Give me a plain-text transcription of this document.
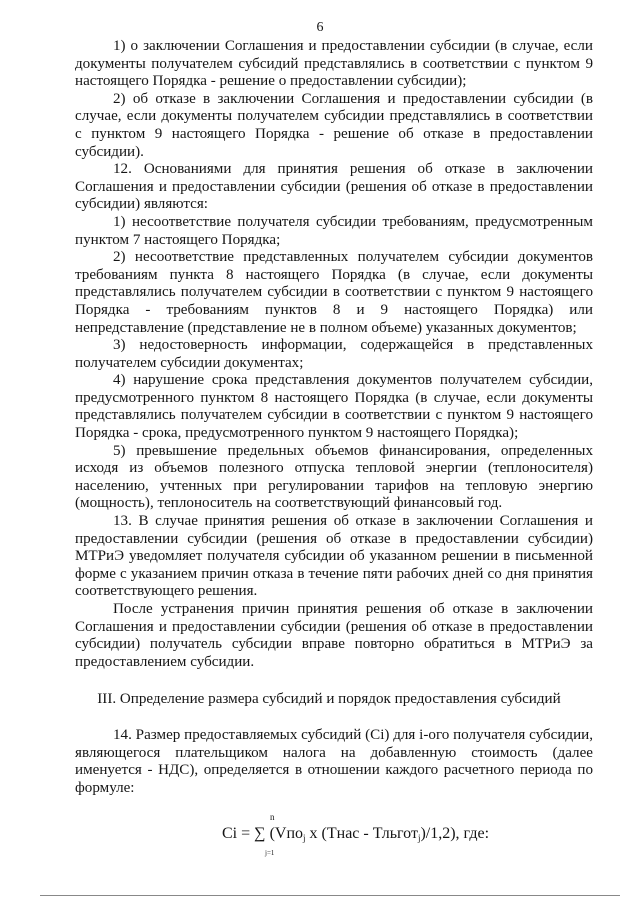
6

1) о заключении Соглашения и предоставлении субсидии (в случае, если документы получателем субсидий представлялись в соответствии с пунктом 9 настоящего Порядка - решение о предоставлении субсидии);

2) об отказе в заключении Соглашения и предоставлении субсидии (в случае, если документы получателем субсидии представлялись в соответствии с пунктом 9 настоящего Порядка - решение об отказе в предоставлении субсидии).

12. Основаниями для принятия решения об отказе в заключении Соглашения и предоставлении субсидии (решения об отказе в предоставлении субсидии) являются:

1) несоответствие получателя субсидии требованиям, предусмотренным пунктом 7 настоящего Порядка;

2) несоответствие представленных получателем субсидии документов требованиям пункта 8 настоящего Порядка (в случае, если документы представлялись получателем субсидии в соответствии с пунктом 9 настоящего Порядка - требованиям пунктов 8 и 9 настоящего Порядка) или непредставление (представление не в полном объеме) указанных документов;

3) недостоверность информации, содержащейся в представленных получателем субсидии документах;

4) нарушение срока представления документов получателем субсидии, предусмотренного пунктом 8 настоящего Порядка (в случае, если документы представлялись получателем субсидии в соответствии с пунктом 9 настоящего Порядка - срока, предусмотренного пунктом 9 настоящего Порядка);

5) превышение предельных объемов финансирования, определенных исходя из объемов полезного отпуска тепловой энергии (теплоносителя) населению, учтенных при регулировании тарифов на тепловую энергию (мощность), теплоноситель на соответствующий финансовый год.

13. В случае принятия решения об отказе в заключении Соглашения и предоставлении субсидии (решения об отказе в предоставлении субсидии) МТРиЭ уведомляет получателя субсидии об указанном решении в письменной форме с указанием причин отказа в течение пяти рабочих дней со дня принятия соответствующего решения.

После устранения причин принятия решения об отказе в заключении Соглашения и предоставлении субсидии (решения об отказе в предоставлении субсидии) получатель субсидии вправе повторно обратиться в МТРиЭ за предоставлением субсидии.

III. Определение размера субсидий и порядок предоставления субсидий

14. Размер предоставляемых субсидий (Ci) для i-ого получателя субсидии, являющегося плательщиком налога на добавленную стоимость (далее именуется - НДС), определяется в отношении каждого расчетного периода по формуле:

n
Ci = ∑ (Vпо$_j$ х (Тнас - Тльгот$_j$)/1,2), где:
j=1
